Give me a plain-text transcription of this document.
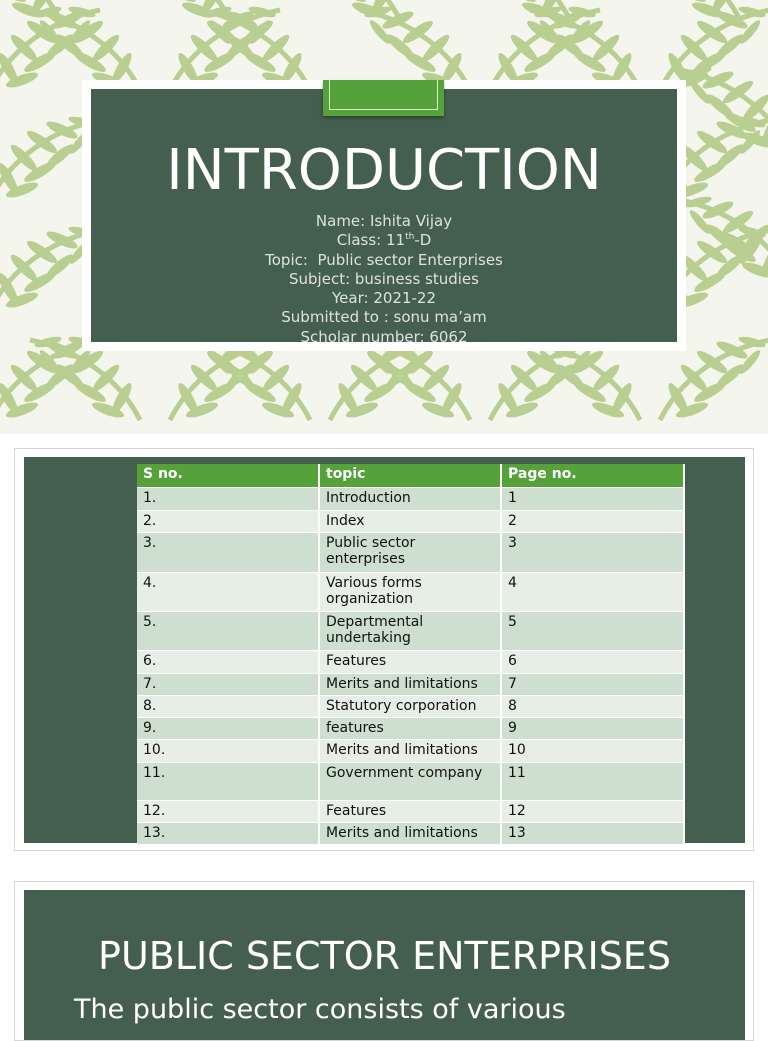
INTRODUCTION
Name: Ishita Vijay
Class: 11th-D
Topic:  Public sector Enterprises
Subject: business studies
Year: 2021-22
Submitted to : sonu ma’am
Scholar number: 6062
S no.	topic	Page no.
1.	Introduction	1
2.	Index	2
3.	Public sector enterprises	3
4.	Various forms organization	4
5.	Departmental undertaking	5
6.	Features	6
7.	Merits and limitations	7
8.	Statutory corporation	8
9.	features	9
10.	Merits and limitations	10
11.	Government company	11
12.	Features	12
13.	Merits and limitations	13
PUBLIC SECTOR ENTERPRISES
The public sector consists of various
